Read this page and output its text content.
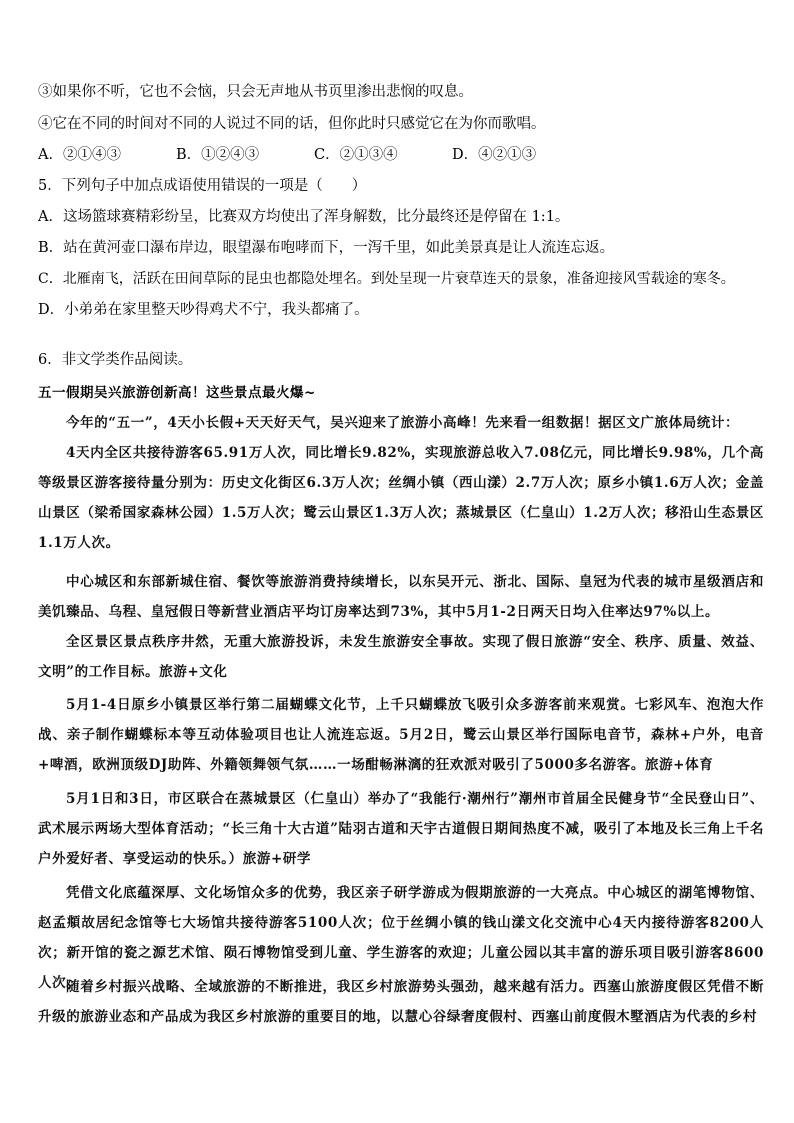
③如果你不听，它也不会恼，只会无声地从书页里渗出悲悯的叹息。
④它在不同的时间对不同的人说过不同的话，但你此时只感觉它在为你而歌唱。
A．②①④③	B．①②④③	C．②①③④	D．④②①③
5．下列句子中加点成语使用错误的一项是（　　）
A．这场篮球赛精彩纷呈，比赛双方均使出了浑身解数，比分最终还是停留在 1:1。
B．站在黄河壶口瀑布岸边，眼望瀑布咆哮而下，一泻千里，如此美景真是让人流连忘返。
C．北雁南飞，活跃在田间草际的昆虫也都隐处埋名。到处呈现一片衰草连天的景象，准备迎接风雪载途的寒冬。
D．小弟弟在家里整天吵得鸡犬不宁，我头都痛了。
6．非文学类作品阅读。
五一假期吴兴旅游创新高！这些景点最火爆~
今年的“五一”，4天小长假+天天好天气，吴兴迎来了旅游小高峰！先来看一组数据！据区文广旅体局统计：
4天内全区共接待游客65.91万人次，同比增长9.82%，实现旅游总收入7.08亿元，同比增长9.98%，几个高等级景区游客接待量分别为：历史文化街区6.3万人次；丝绸小镇（西山漾）2.7万人次；原乡小镇1.6万人次；金盖山景区（梁希国家森林公园）1.5万人次；鹭云山景区1.3万人次；蒸城景区（仁皇山）1.2万人次；移沿山生态景区1.1万人次。
中心城区和东部新城住宿、餐饮等旅游消费持续增长，以东吴开元、浙北、国际、皇冠为代表的城市星级酒店和美饥臻品、乌程、皇冠假日等新营业酒店平均订房率达到73%，其中5月1-2日两天日均入住率达97%以上。
全区景区景点秩序井然，无重大旅游投诉，未发生旅游安全事故。实现了假日旅游“安全、秩序、质量、效益、文明”的工作目标。旅游+文化
5月1-4日原乡小镇景区举行第二届蝴蝶文化节，上千只蝴蝶放飞吸引众多游客前来观赏。七彩风车、泡泡大作战、亲子制作蝴蝶标本等互动体验项目也让人流连忘返。5月2日，鹭云山景区举行国际电音节，森林+户外，电音+啤酒，欧洲顶级DJ助阵、外籍领舞领气氛……一场酣畅淋漓的狂欢派对吸引了5000多名游客。旅游+体育
5月1日和3日，市区联合在蒸城景区（仁皇山）举办了“我能行·潮州行”潮州市首届全民健身节“全民登山日”、武术展示两场大型体育活动；“长三角十大古道”陆羽古道和天宇古道假日期间热度不减，吸引了本地及长三角上千名户外爱好者、享受运动的快乐。）旅游+研学
凭借文化底蕴深厚、文化场馆众多的优势，我区亲子研学游成为假期旅游的一大亮点。中心城区的湖笔博物馆、赵孟頫故居纪念馆等七大场馆共接待游客5100人次；位于丝绸小镇的钱山漾文化交流中心4天内接待游客8200人次；新开馆的瓷之源艺术馆、陨石博物馆受到儿童、学生游客的欢迎；儿童公园以其丰富的游乐项目吸引游客8600人次。
随着乡村振兴战略、全域旅游的不断推进，我区乡村旅游势头强劲，越来越有活力。西塞山旅游度假区凭借不断升级的旅游业态和产品成为我区乡村旅游的重要目的地，以慧心谷绿奢度假村、西塞山前度假木墅酒店为代表的乡村
